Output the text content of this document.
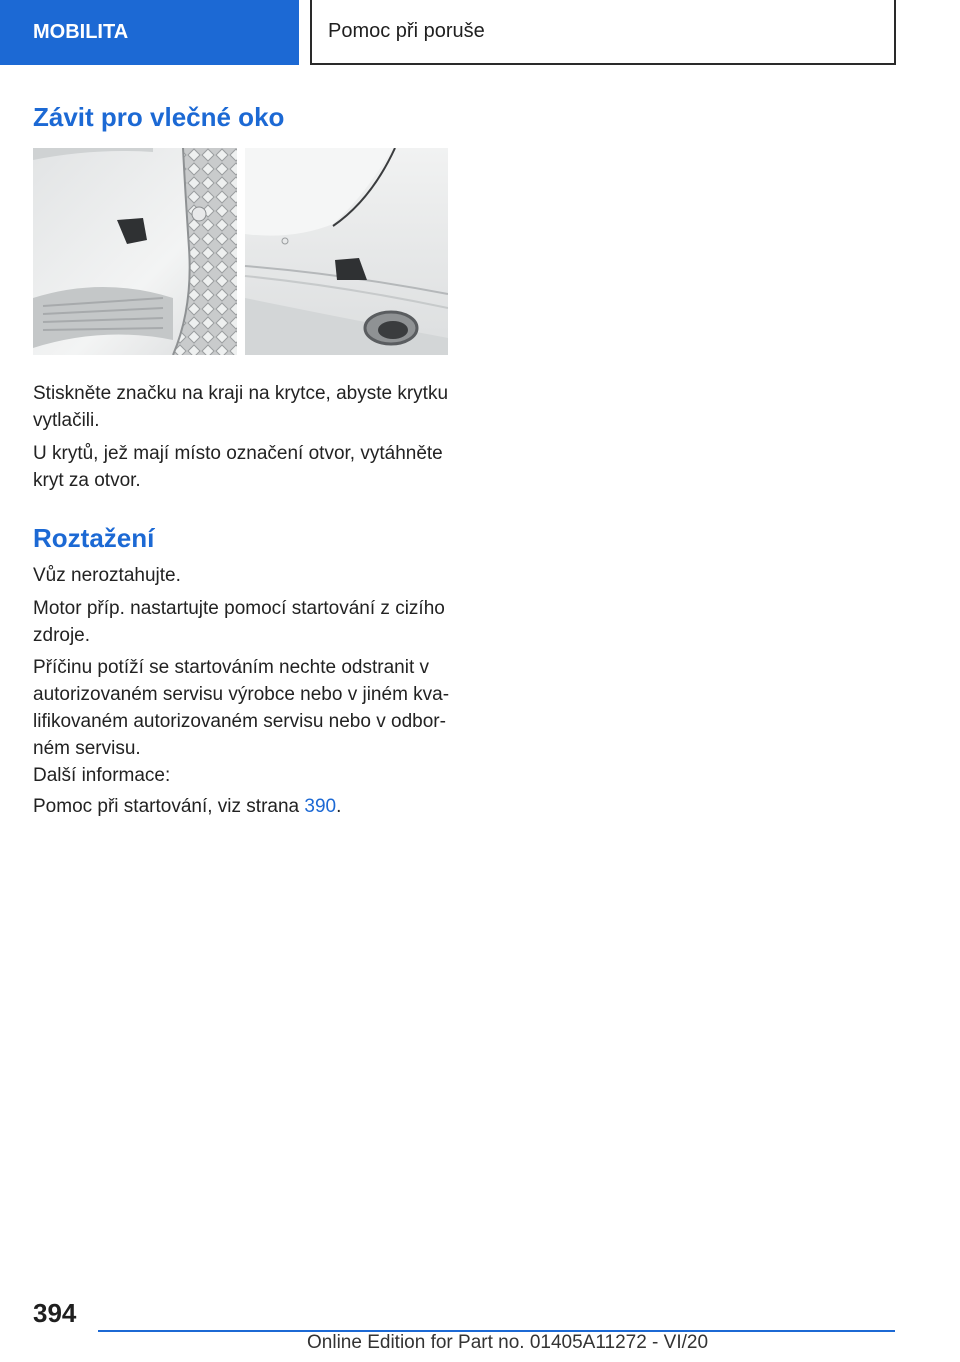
MOBILITA	Pomoc při poruše
Závit pro vlečné oko
Stiskněte značku na kraji na krytce, abyste krytku vytlačili.
U krytů, jež mají místo označení otvor, vytáhněte kryt za otvor.
Roztažení
Vůz neroztahujte.
Motor příp. nastartujte pomocí startování z cizího zdroje.
Příčinu potíží se startováním nechte odstranit v autorizovaném servisu výrobce nebo v jiném kva-lifikovaném autorizovaném servisu nebo v odbor-ném servisu.
Další informace:
Pomoc při startování, viz strana 390.
394
Online Edition for Part no. 01405A11272 - VI/20
